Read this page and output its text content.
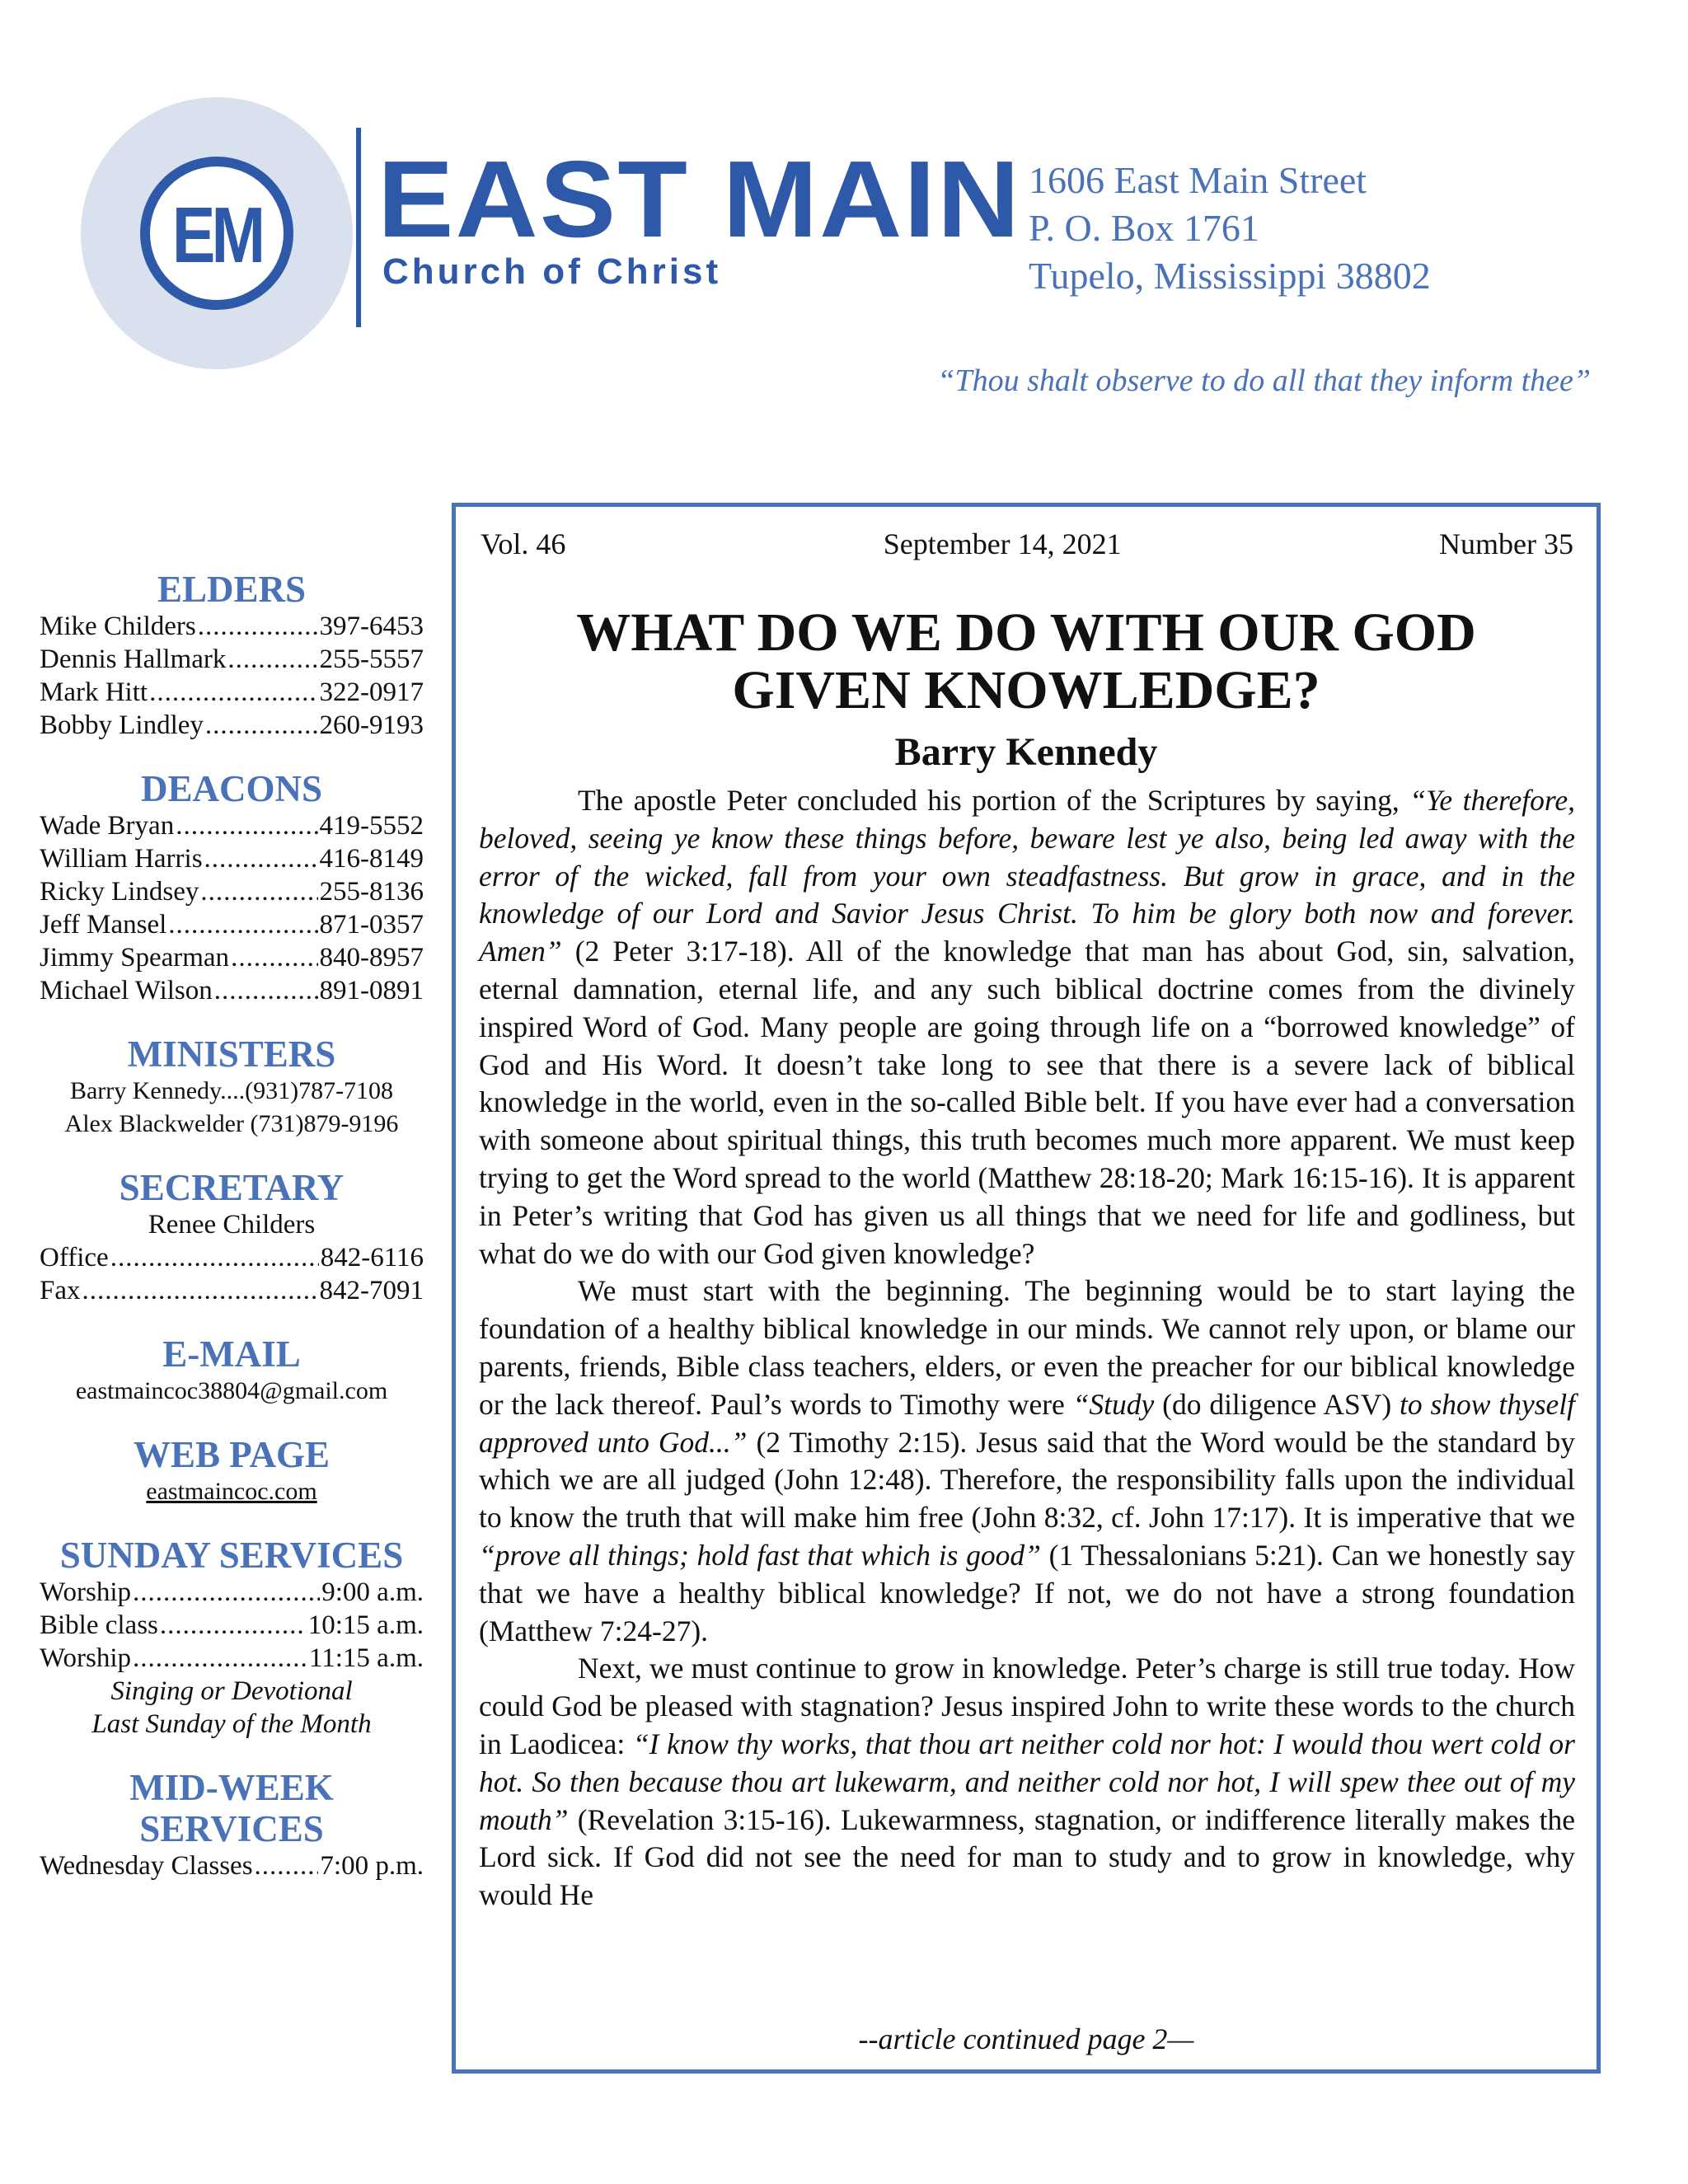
EM EAST MAIN
Church of Christ
1606 East Main Street
P. O. Box 1761
Tupelo, Mississippi 38802
“Thou shalt observe to do all that they inform thee”
ELDERS
Mike Childers .....	397-6453
Dennis Hallmark .....	255-5557
Mark Hitt .....	322-0917
Bobby Lindley .....	260-9193
DEACONS
Wade Bryan .....	419-5552
William Harris .....	416-8149
Ricky Lindsey .....	255-8136
Jeff Mansel .....	871-0357
Jimmy Spearman .....	840-8957
Michael Wilson .....	891-0891
MINISTERS
Barry Kennedy....(931)787-7108
Alex Blackwelder (731)879-9196
SECRETARY
Renee Childers
Office .....	842-6116
Fax .....	842-7091
E-MAIL
eastmaincoc38804@gmail.com
WEB PAGE
eastmaincoc.com
SUNDAY SERVICES
Worship .....	9:00 a.m.
Bible class .....	10:15 a.m.
Worship .....	11:15 a.m.
Singing or Devotional
Last Sunday of the Month
MID-WEEK
SERVICES
Wednesday Classes ..... 7:00 p.m.
Vol. 46	September 14, 2021	Number 35
WHAT DO WE DO WITH OUR GOD
GIVEN KNOWLEDGE?
Barry Kennedy

The apostle Peter concluded his portion of the Scriptures by saying, “Ye therefore, beloved, seeing ye know these things before, beware lest ye also, being led away with the error of the wicked, fall from your own steadfastness. But grow in grace, and in the knowledge of our Lord and Savior Jesus Christ. To him be glory both now and forever. Amen” (2 Peter 3:17-18). All of the knowledge that man has about God, sin, salvation, eternal damnation, eternal life, and any such biblical doctrine comes from the divinely inspired Word of God. Many people are going through life on a “borrowed knowledge” of God and His Word. It doesn’t take long to see that there is a severe lack of biblical knowledge in the world, even in the so-called Bible belt. If you have ever had a conversation with someone about spiritual things, this truth becomes much more apparent. We must keep trying to get the Word spread to the world (Matthew 28:18-20; Mark 16:15-16). It is apparent in Peter’s writing that God has given us all things that we need for life and godliness, but what do we do with our God given knowledge?

We must start with the beginning. The beginning would be to start laying the foundation of a healthy biblical knowledge in our minds. We cannot rely upon, or blame our parents, friends, Bible class teachers, elders, or even the preacher for our biblical knowledge or the lack thereof. Paul’s words to Timothy were “Study (do diligence ASV) to show thyself approved unto God...” (2 Timothy 2:15). Jesus said that the Word would be the standard by which we are all judged (John 12:48). Therefore, the responsibility falls upon the individual to know the truth that will make him free (John 8:32, cf. John 17:17). It is imperative that we “prove all things; hold fast that which is good” (1 Thessalonians 5:21). Can we honestly say that we have a healthy biblical knowledge? If not, we do not have a strong foundation (Matthew 7:24-27).

Next, we must continue to grow in knowledge. Peter’s charge is still true today. How could God be pleased with stagnation? Jesus inspired John to write these words to the church in Laodicea: “I know thy works, that thou art neither cold nor hot: I would thou wert cold or hot. So then because thou art lukewarm, and neither cold nor hot, I will spew thee out of my mouth” (Revelation 3:15-16). Lukewarmness, stagnation, or indifference literally makes the Lord sick. If God did not see the need for man to study and to grow in knowledge, why would He

--article continued page 2—
